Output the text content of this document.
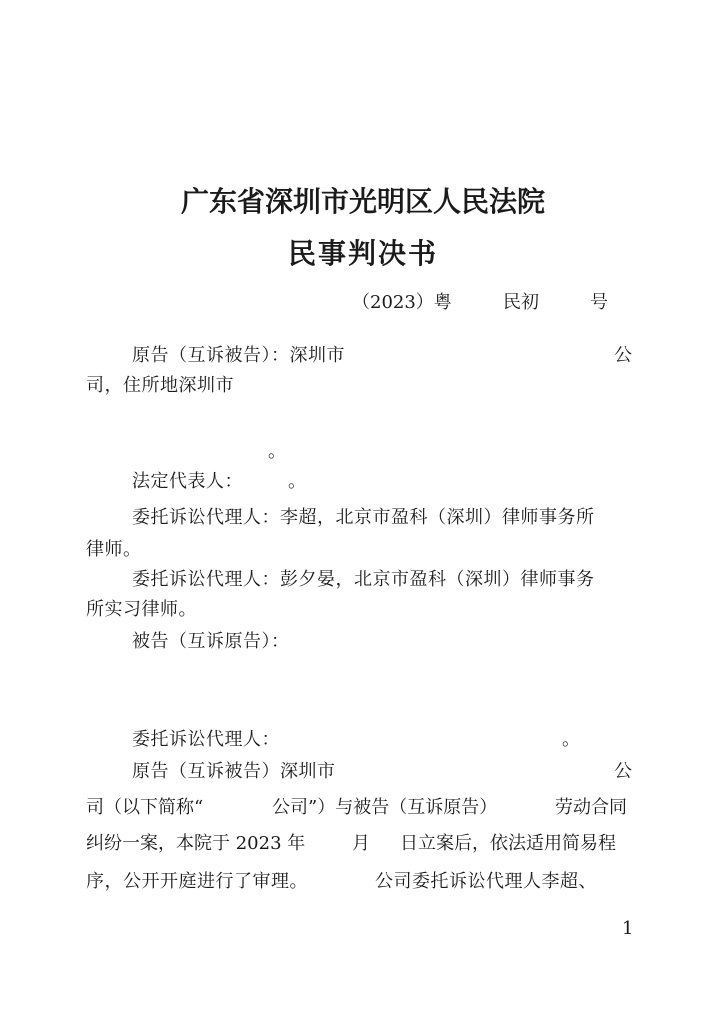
广东省深圳市光明区人民法院
民事判决书
（2023）粤	民初	号
原告（互诉被告）：深圳市	公
司，住所地深圳市
。
法定代表人：	。
委托诉讼代理人：李超，北京市盈科（深圳）律师事务所
律师。
委托诉讼代理人：彭夕晏，北京市盈科（深圳）律师事务
所实习律师。
被告（互诉原告）：
委托诉讼代理人：	。
原告（互诉被告）深圳市	公
司（以下简称“	公司”）与被告（互诉原告）	劳动合同
纠纷一案，本院于 2023 年	月 日立案后，依法适用简易程
序，公开开庭进行了审理。	公司委托诉讼代理人李超、
1
